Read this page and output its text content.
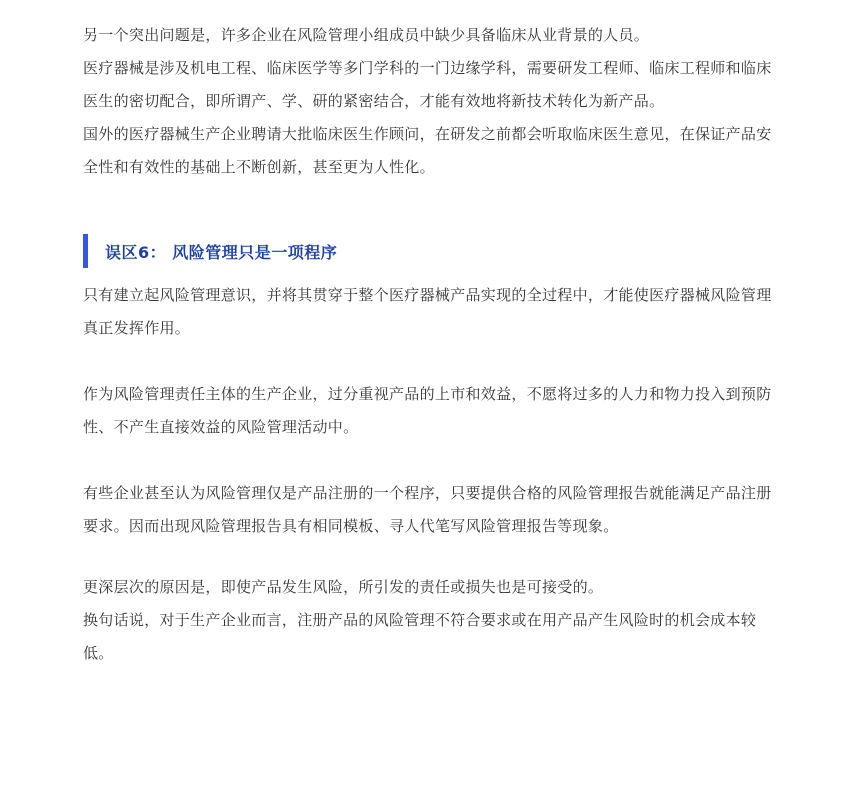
另一个突出问题是，许多企业在风险管理小组成员中缺少具备临床从业背景的人员。

医疗器械是涉及机电工程、临床医学等多门学科的一门边缘学科，需要研发工程师、临床工程师和临床医生的密切配合，即所谓产、学、研的紧密结合，才能有效地将新技术转化为新产品。

国外的医疗器械生产企业聘请大批临床医生作顾问，在研发之前都会听取临床医生意见，在保证产品安全性和有效性的基础上不断创新，甚至更为人性化。

误区6： 风险管理只是一项程序

只有建立起风险管理意识，并将其贯穿于整个医疗器械产品实现的全过程中，才能使医疗器械风险管理真正发挥作用。

作为风险管理责任主体的生产企业，过分重视产品的上市和效益，不愿将过多的人力和物力投入到预防性、不产生直接效益的风险管理活动中。

有些企业甚至认为风险管理仅是产品注册的一个程序，只要提供合格的风险管理报告就能满足产品注册要求。因而出现风险管理报告具有相同模板、寻人代笔写风险管理报告等现象。

更深层次的原因是，即使产品发生风险，所引发的责任或损失也是可接受的。

换句话说，对于生产企业而言，注册产品的风险管理不符合要求或在用产品产生风险时的机会成本较低。
